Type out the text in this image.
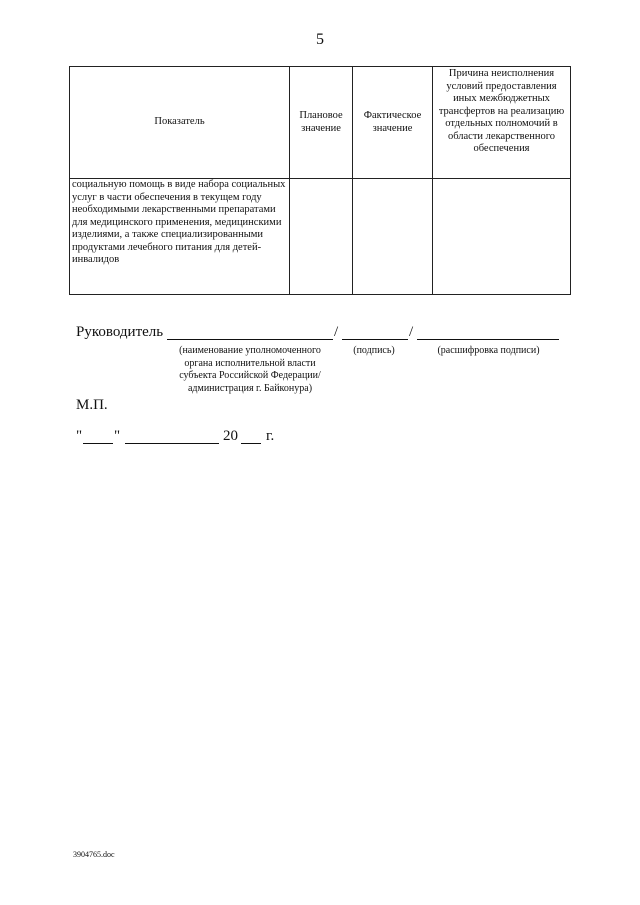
5
Показатель	Плановое значение	Фактическое значение	Причина неисполнения условий предоставления иных межбюджетных трансфертов на реализацию отдельных полномочий в области лекарственного обеспечения
социальную помощь в виде набора социальных услуг в части обеспечения в текущем году необходимыми лекарственными препаратами для медицинского применения, медицинскими изделиями, а также специализированными продуктами лечебного питания для детей-инвалидов			
Руководитель	/	/
(наименование уполномоченного органа исполнительной власти субъекта Российской Федерации/ администрация г. Байконура)
(подпись)	(расшифровка подписи)
М.П.
" "	20 г.
3904765.doc
